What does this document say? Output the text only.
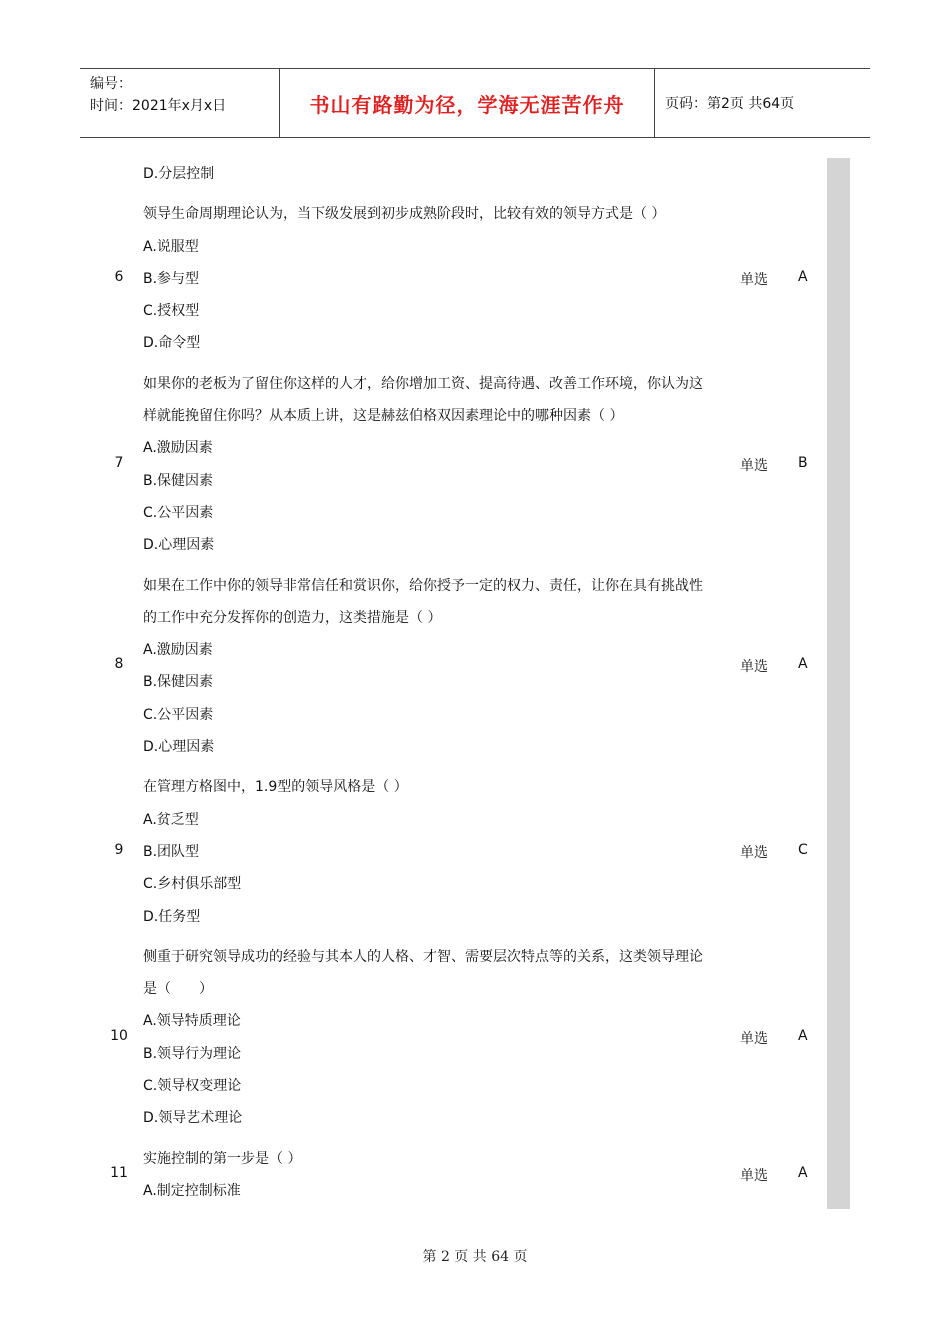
编号：
时间：2021年x月x日	书山有路勤为径，学海无涯苦作舟	页码：第2页 共64页
D.分层控制
领导生命周期理论认为，当下级发展到初步成熟阶段时，比较有效的领导方式是（ ）
A.说服型
B.参与型
C.授权型
D.命令型
6	单选 A
如果你的老板为了留住你这样的人才，给你增加工资、提高待遇、改善工作环境，你认为这
样就能挽留住你吗？从本质上讲，这是赫兹伯格双因素理论中的哪种因素（ ）
A.激励因素
B.保健因素
C.公平因素
D.心理因素
7	单选 B
如果在工作中你的领导非常信任和赏识你，给你授予一定的权力、责任，让你在具有挑战性
的工作中充分发挥你的创造力，这类措施是（ ）
A.激励因素
B.保健因素
C.公平因素
D.心理因素
8	单选 A
在管理方格图中，1.9型的领导风格是（ ）
A.贫乏型
B.团队型
C.乡村俱乐部型
D.任务型
9	单选 C
侧重于研究领导成功的经验与其本人的人格、才智、需要层次特点等的关系，这类领导理论
是（　　）
A.领导特质理论
B.领导行为理论
C.领导权变理论
D.领导艺术理论
10	单选 A
实施控制的第一步是（ ）
A.制定控制标准
11	单选 A
第 2 页 共 64 页
